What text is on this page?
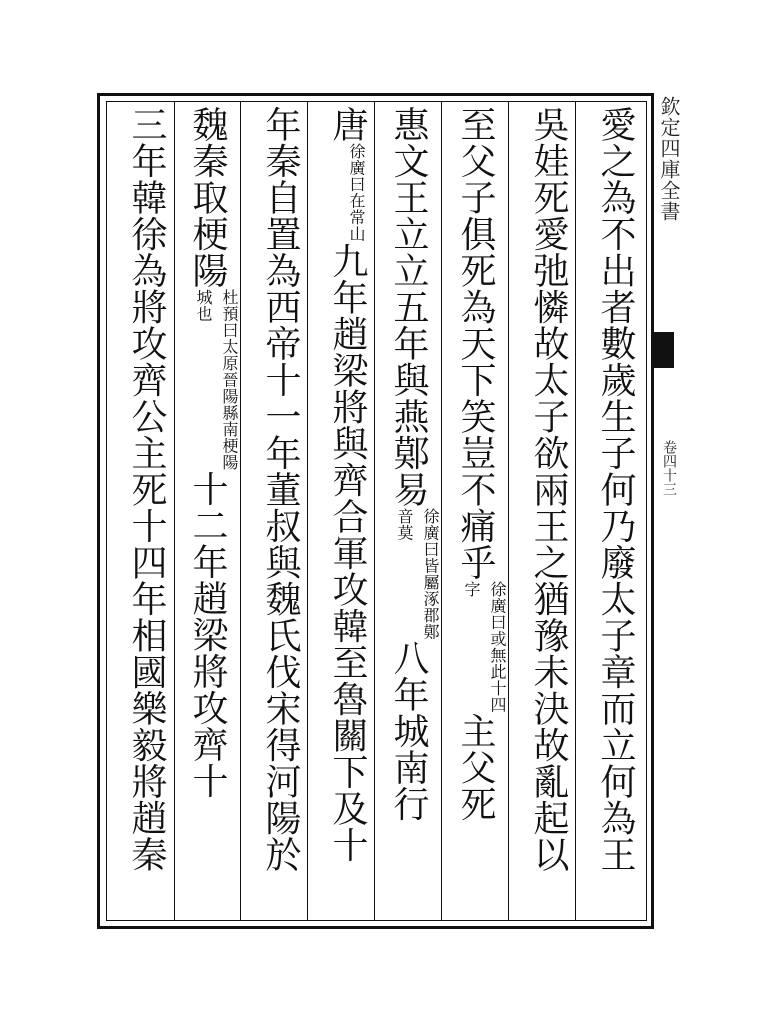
欽定四庫全書
卷四十三
愛之為不出者數歲生子何乃廢太子章而立何為王
吳娃死愛弛憐故太子欲兩王之猶豫未決故亂起以
至父子俱死為天下笑豈不痛乎徐廣曰或無此十四字主父死
惠文王立立五年與燕鄚易徐廣曰皆屬涿郡鄚音莫八年城南行
唐徐廣曰在常山九年趙梁將與齊合軍攻韓至魯關下及十
年秦自置為西帝十一年董叔與魏氏伐宋得河陽於
魏秦取梗陽杜預曰太原晉陽縣南梗陽城也十二年趙梁將攻齊十
三年韓徐為將攻齊公主死十四年相國樂毅將趙秦
